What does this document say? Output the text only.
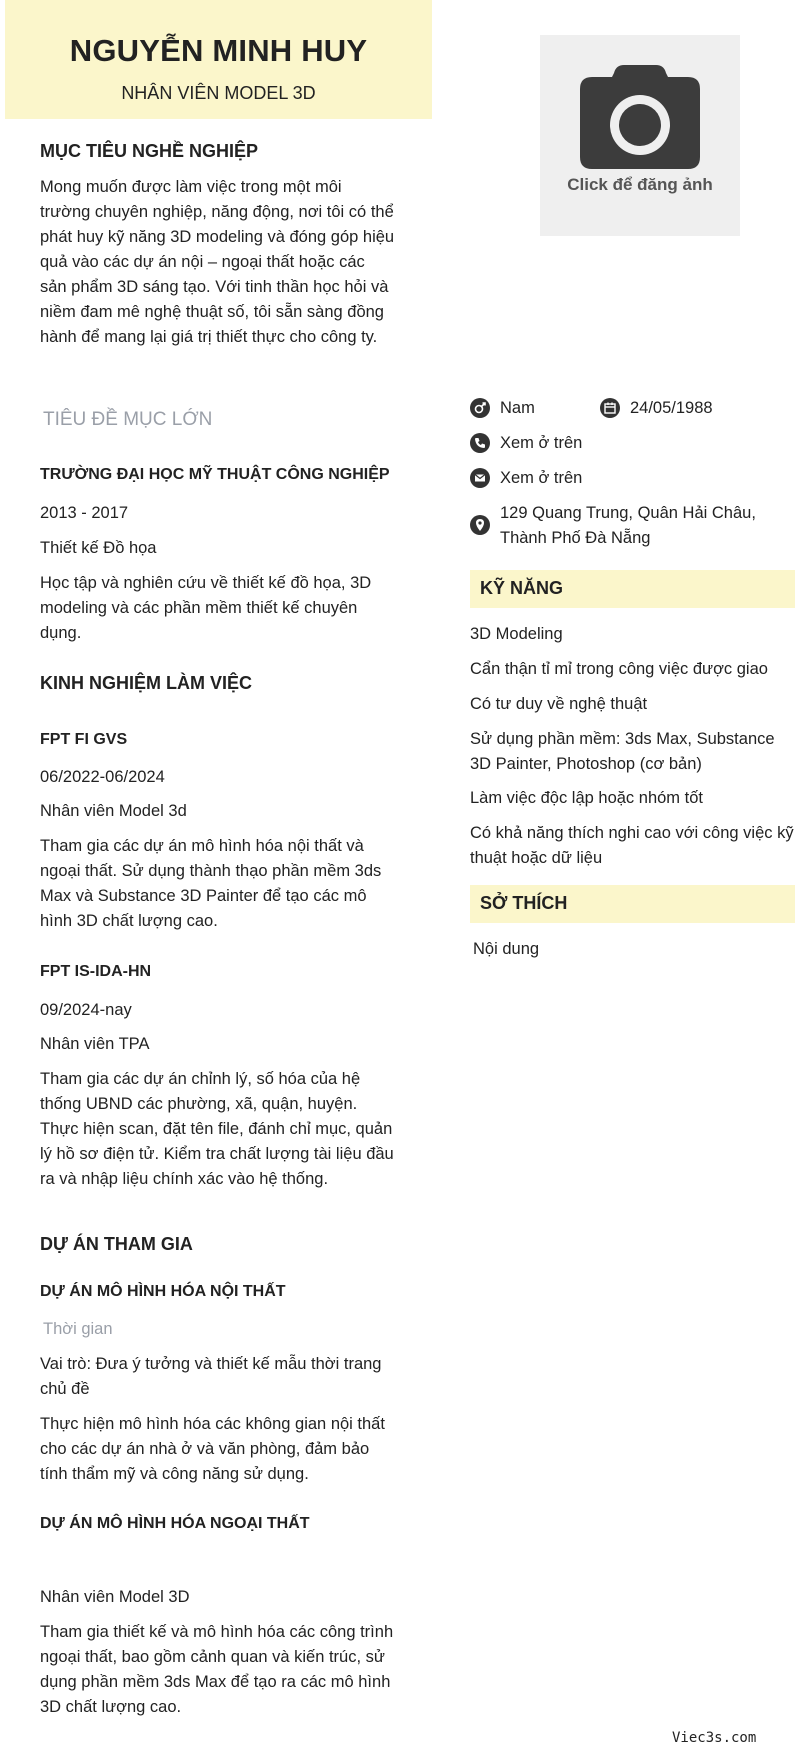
NGUYỄN MINH HUY
NHÂN VIÊN MODEL 3D
Click để đăng ảnh
MỤC TIÊU NGHỀ NGHIỆP
Mong muốn được làm việc trong một môi trường chuyên nghiệp, năng động, nơi tôi có thể phát huy kỹ năng 3D modeling và đóng góp hiệu quả vào các dự án nội – ngoại thất hoặc các sản phẩm 3D sáng tạo. Với tinh thần học hỏi và niềm đam mê nghệ thuật số, tôi sẵn sàng đồng hành để mang lại giá trị thiết thực cho công ty.
TIÊU ĐỀ MỤC LỚN
TRƯỜNG ĐẠI HỌC MỸ THUẬT CÔNG NGHIỆP
2013 - 2017
Thiết kế Đồ họa
Học tập và nghiên cứu về thiết kế đồ họa, 3D modeling và các phần mềm thiết kế chuyên dụng.
KINH NGHIỆM LÀM VIỆC
FPT FI GVS
06/2022-06/2024
Nhân viên Model 3d
Tham gia các dự án mô hình hóa nội thất và ngoại thất. Sử dụng thành thạo phần mềm 3ds Max và Substance 3D Painter để tạo các mô hình 3D chất lượng cao.
FPT IS-IDA-HN
09/2024-nay
Nhân viên TPA
Tham gia các dự án chỉnh lý, số hóa của hệ thống UBND các phường, xã, quận, huyện. Thực hiện scan, đặt tên file, đánh chỉ mục, quản lý hồ sơ điện tử. Kiểm tra chất lượng tài liệu đầu ra và nhập liệu chính xác vào hệ thống.
DỰ ÁN THAM GIA
DỰ ÁN MÔ HÌNH HÓA NỘI THẤT
Thời gian
Vai trò: Đưa ý tưởng và thiết kế mẫu thời trang chủ đề
Thực hiện mô hình hóa các không gian nội thất cho các dự án nhà ở và văn phòng, đảm bảo tính thẩm mỹ và công năng sử dụng.
DỰ ÁN MÔ HÌNH HÓA NGOẠI THẤT
Nhân viên Model 3D
Tham gia thiết kế và mô hình hóa các công trình ngoại thất, bao gồm cảnh quan và kiến trúc, sử dụng phần mềm 3ds Max để tạo ra các mô hình 3D chất lượng cao.
Nam	24/05/1988
Xem ở trên
Xem ở trên
129 Quang Trung, Quân Hải Châu, Thành Phố Đà Nẵng
KỸ NĂNG
3D Modeling
Cẩn thận tỉ mỉ trong công việc được giao
Có tư duy về nghệ thuật
Sử dụng phần mềm: 3ds Max, Substance 3D Painter, Photoshop (cơ bản)
Làm việc độc lập hoặc nhóm tốt
Có khả năng thích nghi cao với công việc kỹ thuật hoặc dữ liệu
SỞ THÍCH
Nội dung
Viec3s.com
